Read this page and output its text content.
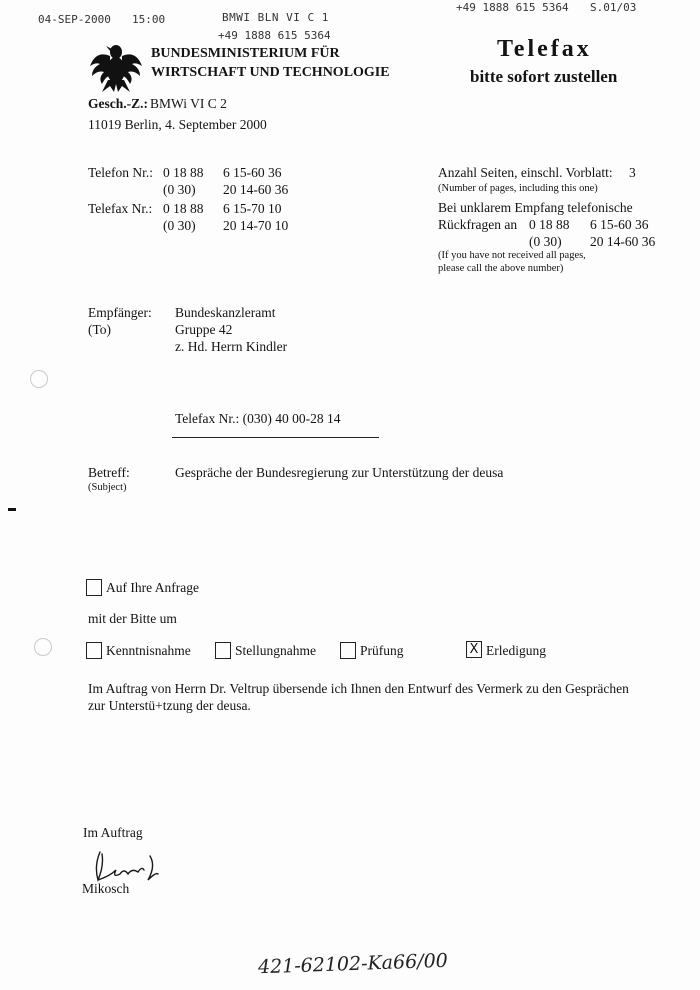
04-SEP-2000 15:00	BMWI BLN VI C 1
+49 1888 615 5364
+49 1888 615 5364 S.01/03
BUNDESMINISTERIUM FÜR
WIRTSCHAFT UND TECHNOLOGIE
Telefax
bitte sofort zustellen
Gesch.-Z.: BMWi VI C 2
11019 Berlin, 4. September 2000
Telefon Nr.: 0 18 88 6 15-60 36
(0 30) 20 14-60 36
Telefax Nr.: 0 18 88 6 15-70 10
(0 30) 20 14-70 10
Anzahl Seiten, einschl. Vorblatt: 3
(Number of pages, including this one)
Bei unklarem Empfang telefonische
Rückfragen an 0 18 88 6 15-60 36
(0 30) 20 14-60 36
(If you have not received all pages,
please call the above number)
Empfänger:
(To)
Bundeskanzleramt
Gruppe 42
z. Hd. Herrn Kindler
Telefax Nr.: (030) 40 00-28 14
Betreff:
(Subject)
Gespräche der Bundesregierung zur Unterstützung der deusa
Auf Ihre Anfrage
mit der Bitte um
Kenntnisnahme	Stellungnahme	Prüfung	X Erledigung
Im Auftrag von Herrn Dr. Veltrup übersende ich Ihnen den Entwurf des Vermerk zu den Gesprächen
zur Unterstü+tzung der deusa.
Im Auftrag
Mikosch
421-62102-Ka66/00
